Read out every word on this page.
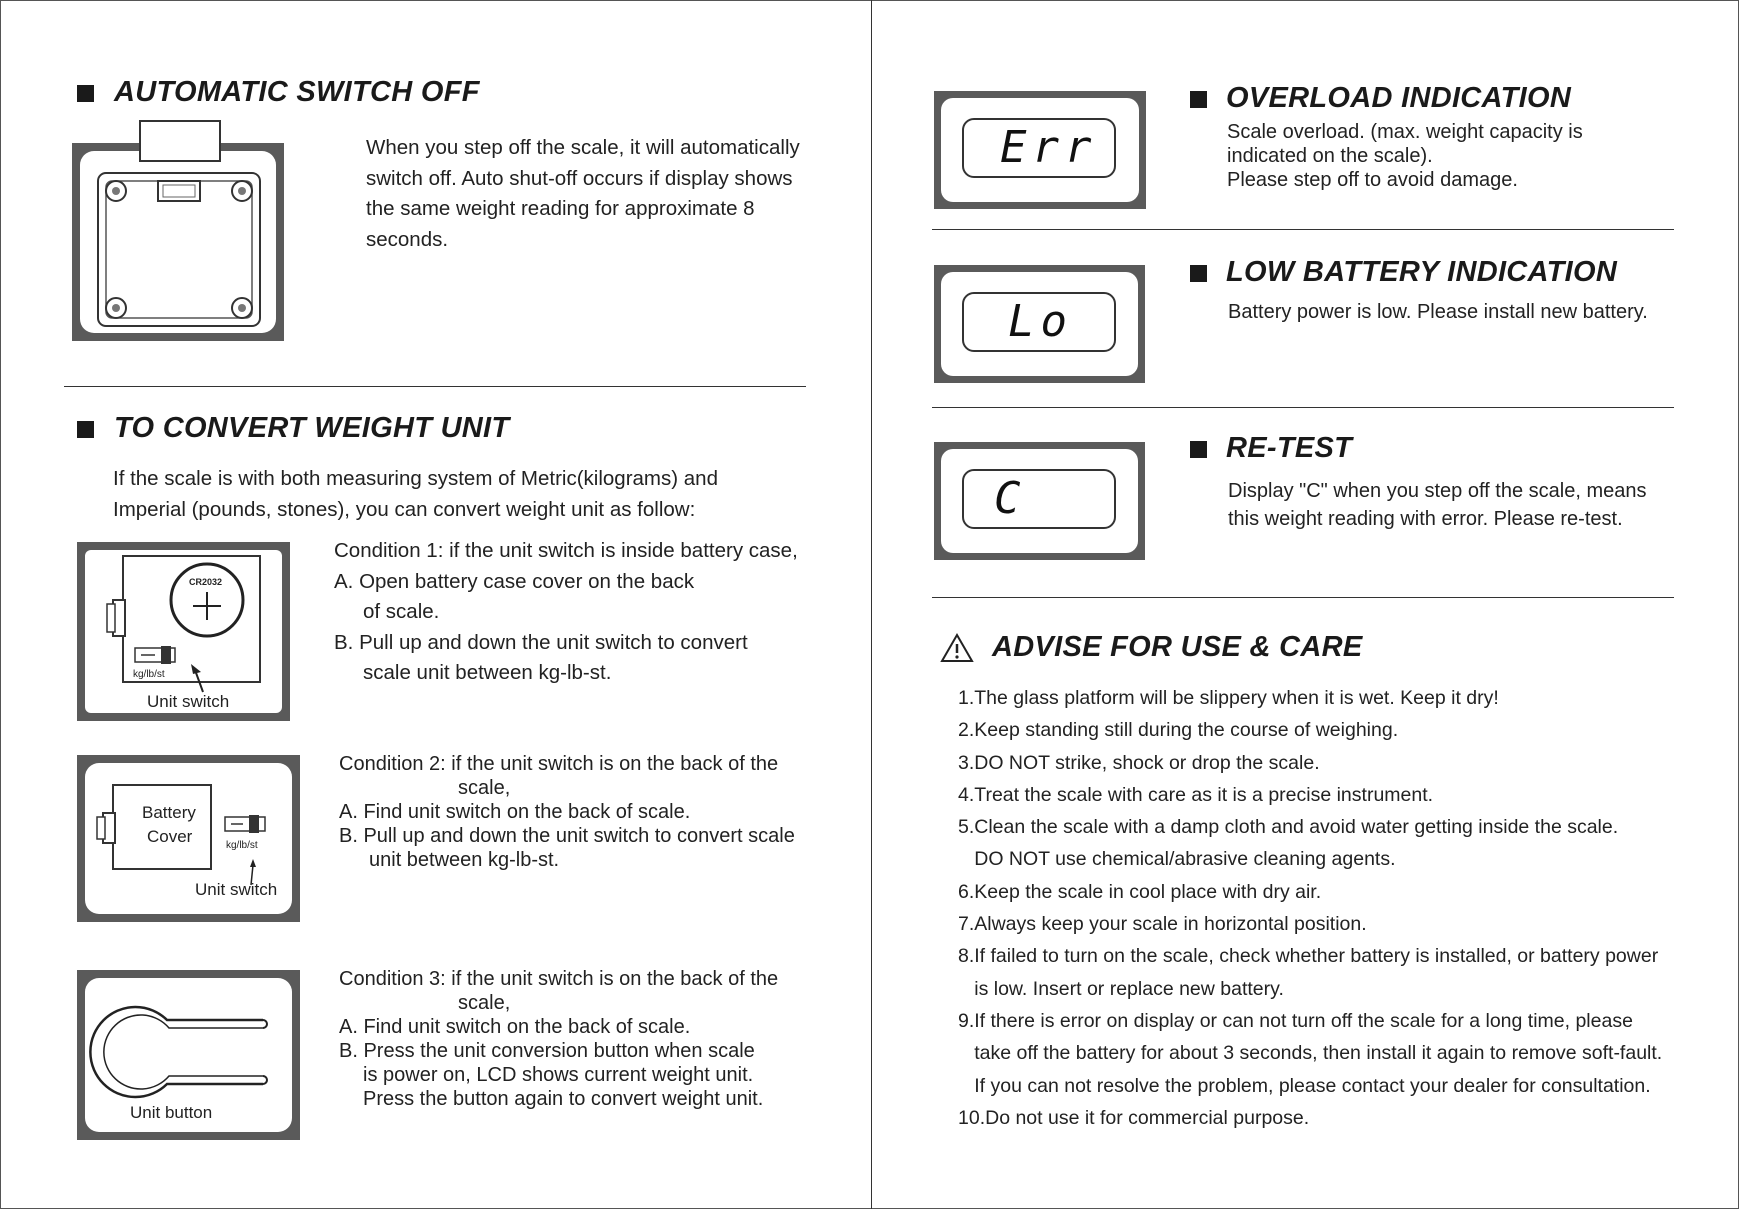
AUTOMATIC SWITCH OFF
When you step off the scale, it will automatically
switch off. Auto shut-off occurs if display shows
the same weight reading for approximate 8
seconds.
TO CONVERT WEIGHT UNIT
If the scale is with both measuring system of Metric(kilograms) and
Imperial (pounds, stones), you can convert weight unit as follow:
CR2032
kg/lb/st
Unit switch
Condition 1: if the unit switch is inside battery case,
A. Open battery case cover on the back
of scale.
B. Pull up and down the unit switch to convert
scale unit between kg-lb-st.
Battery
Cover	kg/lb/st
Unit switch
Condition 2: if the unit switch is on the back of the
scale,
A. Find unit switch on the back of scale.
B. Pull up and down the unit switch to convert scale
unit between kg-lb-st.
Unit button
Condition 3: if the unit switch is on the back of the
scale,
A. Find unit switch on the back of scale.
B. Press the unit conversion button when scale
is power on, LCD shows current weight unit.
Press the button again to convert weight unit.
Err
OVERLOAD INDICATION
Scale overload. (max. weight capacity is
indicated on the scale).
Please step off to avoid damage.
Lo
LOW BATTERY INDICATION
Battery power is low. Please install new battery.
C
RE-TEST
Display "C" when you step off the scale, means
this weight reading with error. Please re-test.
ADVISE FOR USE & CARE
1.The glass platform will be slippery when it is wet. Keep it dry!
2.Keep standing still during the course of weighing.
3.DO NOT strike, shock or drop the scale.
4.Treat the scale with care as it is a precise instrument.
5.Clean the scale with a damp cloth and avoid water getting inside the scale.
DO NOT use chemical/abrasive cleaning agents.
6.Keep the scale in cool place with dry air.
7.Always keep your scale in horizontal position.
8.If failed to turn on the scale, check whether battery is installed, or battery power
is low. Insert or replace new battery.
9.If there is error on display or can not turn off the scale for a long time, please
take off the battery for about 3 seconds, then install it again to remove soft-fault.
If you can not resolve the problem, please contact your dealer for consultation.
10.Do not use it for commercial purpose.
